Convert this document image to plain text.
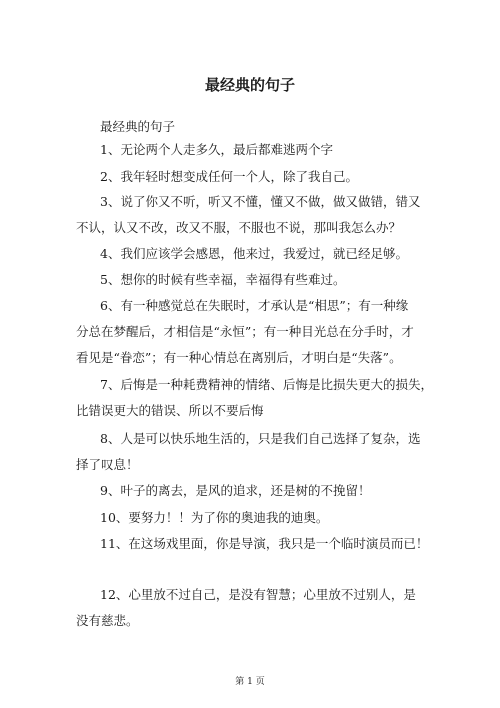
最经典的句子
最经典的句子
1、无论两个人走多久，最后都难逃两个字
2、我年轻时想变成任何一个人，除了我自己。
3、说了你又不听，听又不懂，懂又不做，做又做错，错又
不认，认又不改，改又不服，不服也不说，那叫我怎么办？
4、我们应该学会感恩，他来过，我爱过，就已经足够。
5、想你的时候有些幸福，幸福得有些难过。
6、有一种感觉总在失眠时，才承认是“相思”；有一种缘
分总在梦醒后，才相信是“永恒”；有一种目光总在分手时，才
看见是“眷恋”；有一种心情总在离别后，才明白是“失落”。
7、后悔是一种耗费精神的情绪、后悔是比损失更大的损失，
比错误更大的错误、所以不要后悔
8、人是可以快乐地生活的，只是我们自己选择了复杂，选
择了叹息！
9、叶子的离去，是风的追求，还是树的不挽留！
10、要努力！！为了你的奥迪我的迪奥。
11、在这场戏里面，你是导演，我只是一个临时演员而已！
12、心里放不过自己，是没有智慧；心里放不过别人，是
没有慈悲。
第 1 页
